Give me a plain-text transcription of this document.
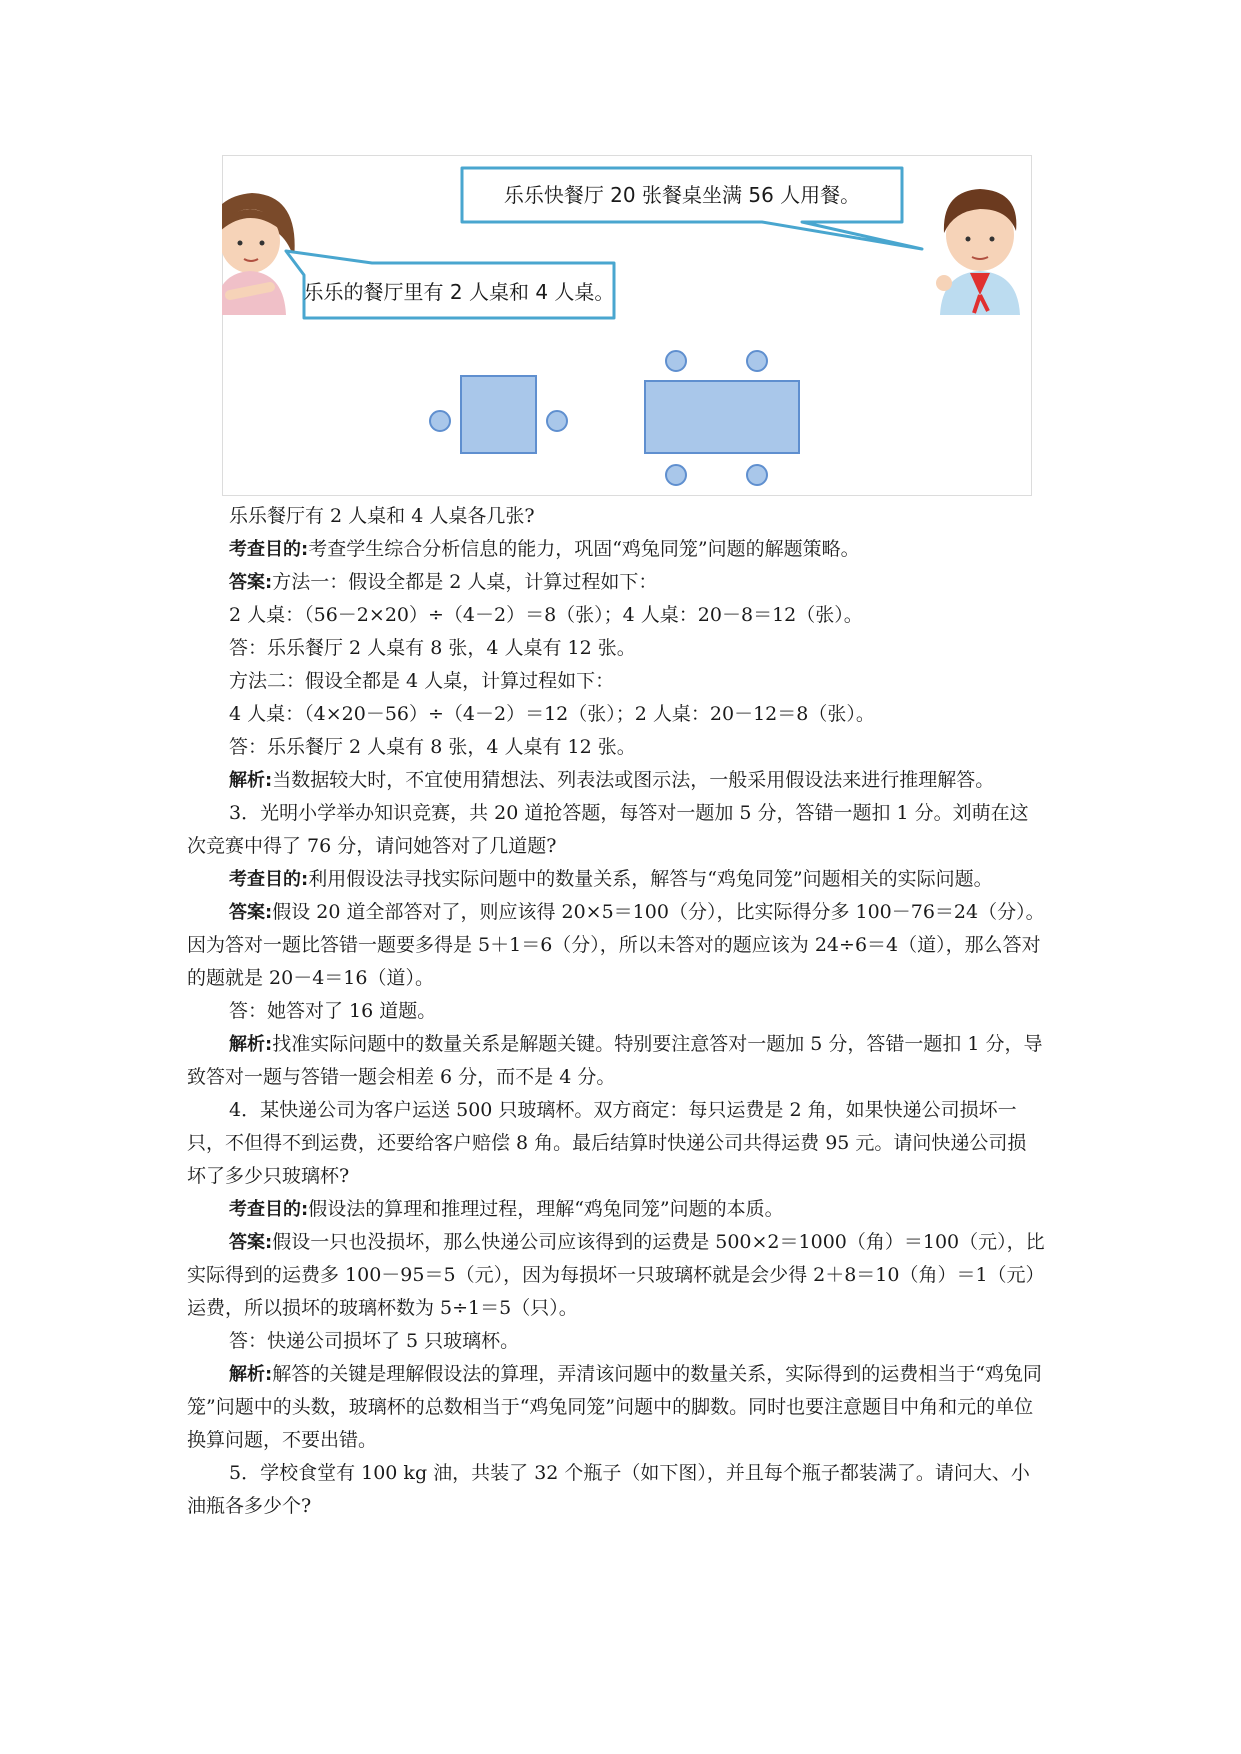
乐乐快餐厅 20 张餐桌坐满 56 人用餐。
乐乐的餐厅里有 2 人桌和 4 人桌。

乐乐餐厅有 2 人桌和 4 人桌各几张?

考查目的:考查学生综合分析信息的能力，巩固“鸡兔同笼”问题的解题策略。

答案:方法一：假设全都是 2 人桌，计算过程如下：

2 人桌：（56－2×20）÷（4－2）＝8（张）；4 人桌：20－8＝12（张）。

答：乐乐餐厅 2 人桌有 8 张，4 人桌有 12 张。

方法二：假设全都是 4 人桌，计算过程如下：

4 人桌：（4×20－56）÷（4－2）＝12（张）；2 人桌：20－12＝8（张）。

答：乐乐餐厅 2 人桌有 8 张，4 人桌有 12 张。

解析:当数据较大时，不宜使用猜想法、列表法或图示法，一般采用假设法来进行推理解答。

3．光明小学举办知识竞赛，共 20 道抢答题，每答对一题加 5 分，答错一题扣 1 分。刘萌在这次竞赛中得了 76 分，请问她答对了几道题?

考查目的:利用假设法寻找实际问题中的数量关系，解答与“鸡兔同笼”问题相关的实际问题。

答案:假设 20 道全部答对了，则应该得 20×5＝100（分），比实际得分多 100－76＝24（分）。因为答对一题比答错一题要多得是 5＋1＝6（分），所以未答对的题应该为 24÷6＝4（道），那么答对的题就是 20－4＝16（道）。

答：她答对了 16 道题。

解析:找准实际问题中的数量关系是解题关键。特别要注意答对一题加 5 分，答错一题扣 1 分，导致答对一题与答错一题会相差 6 分，而不是 4 分。

4．某快递公司为客户运送 500 只玻璃杯。双方商定：每只运费是 2 角，如果快递公司损坏一只，不但得不到运费，还要给客户赔偿 8 角。最后结算时快递公司共得运费 95 元。请问快递公司损坏了多少只玻璃杯?

考查目的:假设法的算理和推理过程，理解“鸡兔同笼”问题的本质。

答案:假设一只也没损坏，那么快递公司应该得到的运费是 500×2＝1000（角）＝100（元），比实际得到的运费多 100－95＝5（元），因为每损坏一只玻璃杯就是会少得 2＋8＝10（角）＝1（元）运费，所以损坏的玻璃杯数为 5÷1＝5（只）。

答：快递公司损坏了 5 只玻璃杯。

解析:解答的关键是理解假设法的算理，弄清该问题中的数量关系，实际得到的运费相当于“鸡兔同笼”问题中的头数，玻璃杯的总数相当于“鸡兔同笼”问题中的脚数。同时也要注意题目中角和元的单位换算问题，不要出错。

5．学校食堂有 100 kg 油，共装了 32 个瓶子（如下图），并且每个瓶子都装满了。请问大、小油瓶各多少个?
